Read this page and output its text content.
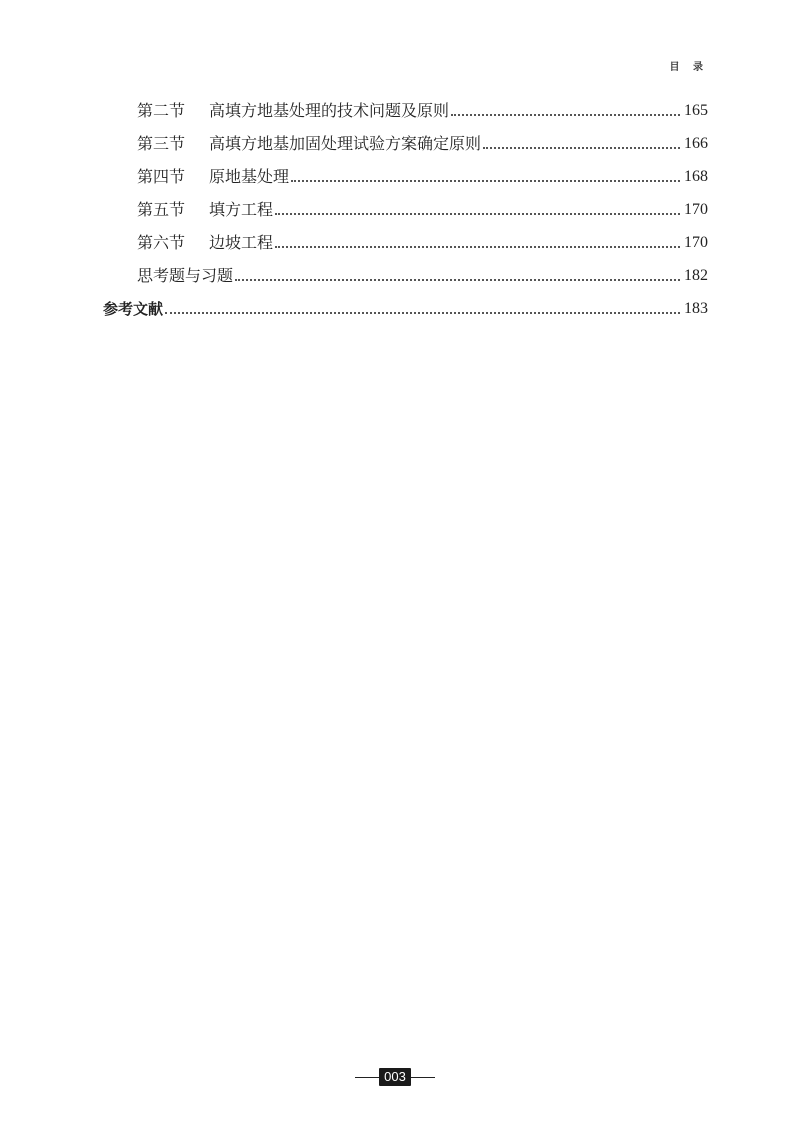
目 录
第二节	高填方地基处理的技术问题及原则	165
第三节	高填方地基加固处理试验方案确定原则	166
第四节	原地基处理	168
第五节	填方工程	170
第六节	边坡工程	170
思考题与习题	182
参考文献	183
003
